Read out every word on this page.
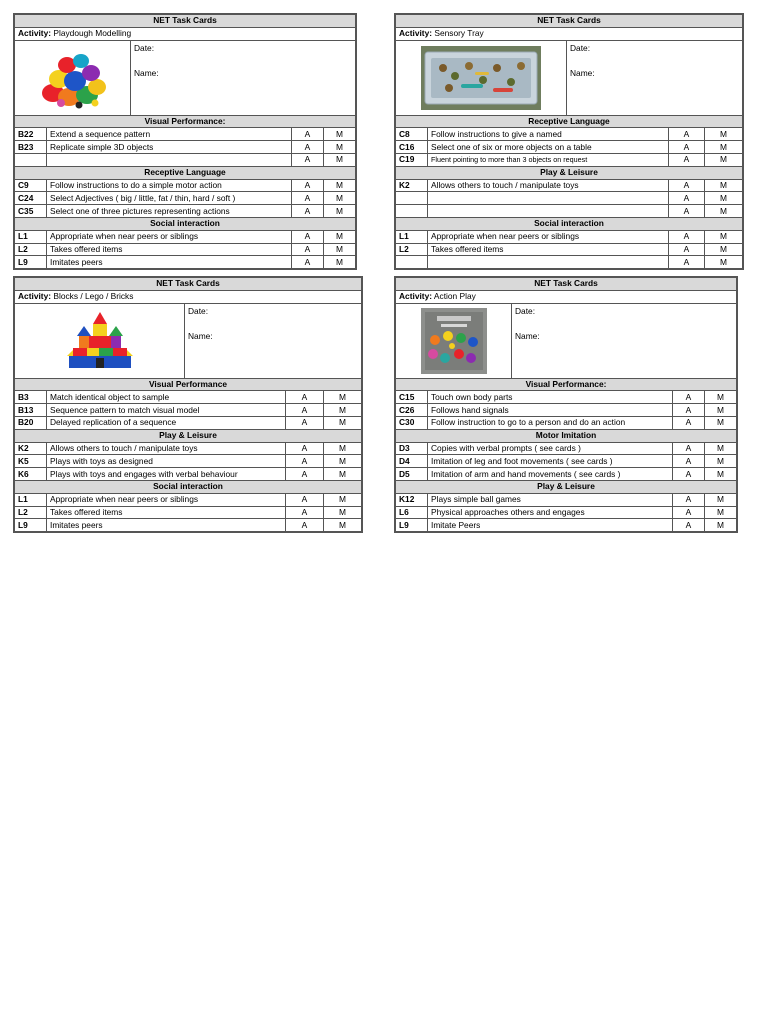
NET Task Cards				
Activity: Playdough Modelling				

Date:
Name:		

Visual Performance:				
B22	Extend a sequence pattern		A	M
B23	Replicate simple 3D objects		A	M
			A	M
Receptive Language				
C9	Follow instructions to do a simple motor action		A	M
C24	Select Adjectives ( big / little, fat / thin, hard / soft )		A	M
C35	Select one of three pictures representing actions		A	M
Social interaction				
L1	Appropriate when near peers or siblings		A	M
L2	Takes offered items		A	M
L9	Imitates peers		A	M
NET Task Cards				
Activity: Sensory Tray				

Date:
Name:		

Receptive Language				
C8	Follow instructions to give a named		A	M
C16	Select one of six or more objects on a table		A	M
C19	Fluent pointing to more than 3 objects on request		A	M
Play & Leisure				
K2	Allows others to touch / manipulate toys		A	M
			A	M
			A	M
Social interaction				
L1	Appropriate when near peers or siblings		A	M
L2	Takes offered items		A	M
			A	M
NET Task Cards				
Activity: Blocks / Lego / Bricks				

Date:
Name:		

Visual Performance				
B3	Match identical object to sample		A	M
B13	Sequence pattern to match visual model		A	M
B20	Delayed replication of a sequence		A	M
Play & Leisure				
K2	Allows others to touch / manipulate toys		A	M
K5	Plays with toys as designed		A	M
K6	Plays with toys and engages with verbal behaviour		A	M
Social interaction				
L1	Appropriate when near peers or siblings		A	M
L2	Takes offered items		A	M
L9	Imitates peers		A	M
NET Task Cards				
Activity: Action Play				

Date:
Name:		

Visual Performance:				
C15	Touch own body parts		A	M
C26	Follows hand signals		A	M
C30	Follow instruction to go to a person and do an action		A	M
Motor Imitation				
D3	Copies with verbal prompts ( see cards )		A	M
D4	Imitation of leg and foot movements ( see cards )		A	M
D5	Imitation of arm and hand movements ( see cards )		A	M
Play & Leisure				
K12	Plays simple ball games		A	M
L6	Physical approaches others and engages		A	M
L9	Imitate Peers		A	M
